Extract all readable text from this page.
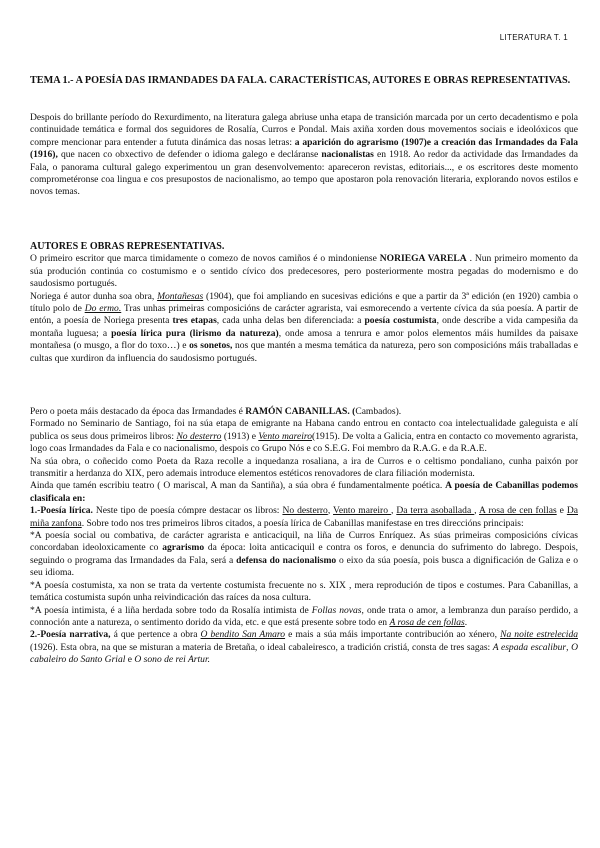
LITERATURA T. 1
TEMA 1.- A POESÍA DAS IRMANDADES DA FALA. CARACTERÍSTICAS, AUTORES E OBRAS REPRESENTATIVAS.

Despois do brillante período do Rexurdimento, na literatura galega abriuse unha etapa de transición marcada por un certo decadentismo e pola continuidade temática e formal dos seguidores de Rosalía, Curros e Pondal. Mais axiña xorden dous movementos sociais e ideolóxicos que compre mencionar para entender a fututa dinámica das nosas letras: a aparición do agrarismo (1907)e a creación das Irmandades da Fala (1916), que nacen co obxectivo de defender o idioma galego e decláranse nacionalistas en 1918. Ao redor da actividade das Irmandades da Fala, o panorama cultural galego experimentou un gran desenvolvemento: apareceron revistas, editoriais..., e os escritores deste momento comprometéronse coa lingua e cos presupostos de nacionalismo, ao tempo que apostaron pola renovación literaria, explorando novos estilos e novos temas.

AUTORES E OBRAS REPRESENTATIVAS.

O primeiro escritor que marca timidamente o comezo de novos camiños é o mindoniense NORIEGA VARELA . Nun primeiro momento da súa produción continúa co costumismo e o sentido cívico dos predecesores, pero posteriormente mostra pegadas do modernismo e do saudosismo portugués.

Noriega é autor dunha soa obra, Montañesas (1904), que foi ampliando en sucesivas edicións e que a partir da 3ª edición (en 1920) cambia o título polo de Do ermo. Tras unhas primeiras composicións de carácter agrarista, vai esmorecendo a vertente cívica da súa poesía. A partir de entón, a poesía de Noriega presenta tres etapas, cada unha delas ben diferenciada: a poesía costumista, onde describe a vida campesiña da montaña luguesa; a poesía lírica pura (lirismo da natureza), onde amosa a tenrura e amor polos elementos máis humildes da paisaxe montañesa (o musgo, a flor do toxo…) e os sonetos, nos que mantén a mesma temática da natureza, pero son composicións máis traballadas e cultas que xurdiron da influencia do saudosismo portugués.

Pero o poeta máis destacado da época das Irmandades é RAMÓN CABANILLAS. (Cambados).

Formado no Seminario de Santiago, foi na súa etapa de emigrante na Habana cando entrou en contacto coa intelectualidade galeguista e alí publica os seus dous primeiros libros: No desterro (1913) e Vento mareiro(1915). De volta a Galicia, entra en contacto co movemento agrarista, logo coas Irmandades da Fala e co nacionalismo, despois co Grupo Nós e co S.E.G. Foi membro da R.A.G. e da R.A.E.

Na súa obra, o coñecido como Poeta da Raza recolle a inquedanza rosaliana, a ira de Curros e o celtismo pondaliano, cunha paixón por transmitir a herdanza do XIX, pero ademais introduce elementos estéticos renovadores de clara filiación modernista.

Ainda que tamén escribiu teatro ( O mariscal, A man da Santiña), a súa obra é fundamentalmente poética. A poesía de Cabanillas podemos clasificala en:

1.-Poesía lírica. Neste tipo de poesía cómpre destacar os libros: No desterro, Vento mareiro , Da terra asoballada , A rosa de cen follas e Da miña zanfona. Sobre todo nos tres primeiros libros citados, a poesía lírica de Cabanillas manifestase en tres direccións principais:

*A poesía social ou combativa, de carácter agrarista e anticaciquil, na liña de Curros Enríquez. As súas primeiras composicións cívicas concordaban ideoloxicamente co agrarismo da época: loita anticaciquil e contra os foros, e denuncia do sufrimento do labrego. Despois, seguindo o programa das Irmandades da Fala, será a defensa do nacionalismo o eixo da súa poesía, pois busca a dignificación de Galiza e o seu idioma.

*A poesía costumista, xa non se trata da vertente costumista frecuente no s. XIX , mera reprodución de tipos e costumes. Para Cabanillas, a temática costumista supón unha reivindicación das raíces da nosa cultura.

*A poesía intimista, é a liña herdada sobre todo da Rosalía intimista de Follas novas, onde trata o amor, a lembranza dun paraíso perdido, a connoción ante a natureza, o sentimento dorido da vida, etc. e que está presente sobre todo en A rosa de cen follas.

2.-Poesía narrativa, á que pertence a obra O bendito San Amaro e mais a súa máis importante contribución ao xénero, Na noite estrelecida (1926). Esta obra, na que se misturan a materia de Bretaña, o ideal cabaleiresco, a tradición cristiá, consta de tres sagas: A espada escalibur, O cabaleiro do Santo Grial e O sono de rei Artur.
